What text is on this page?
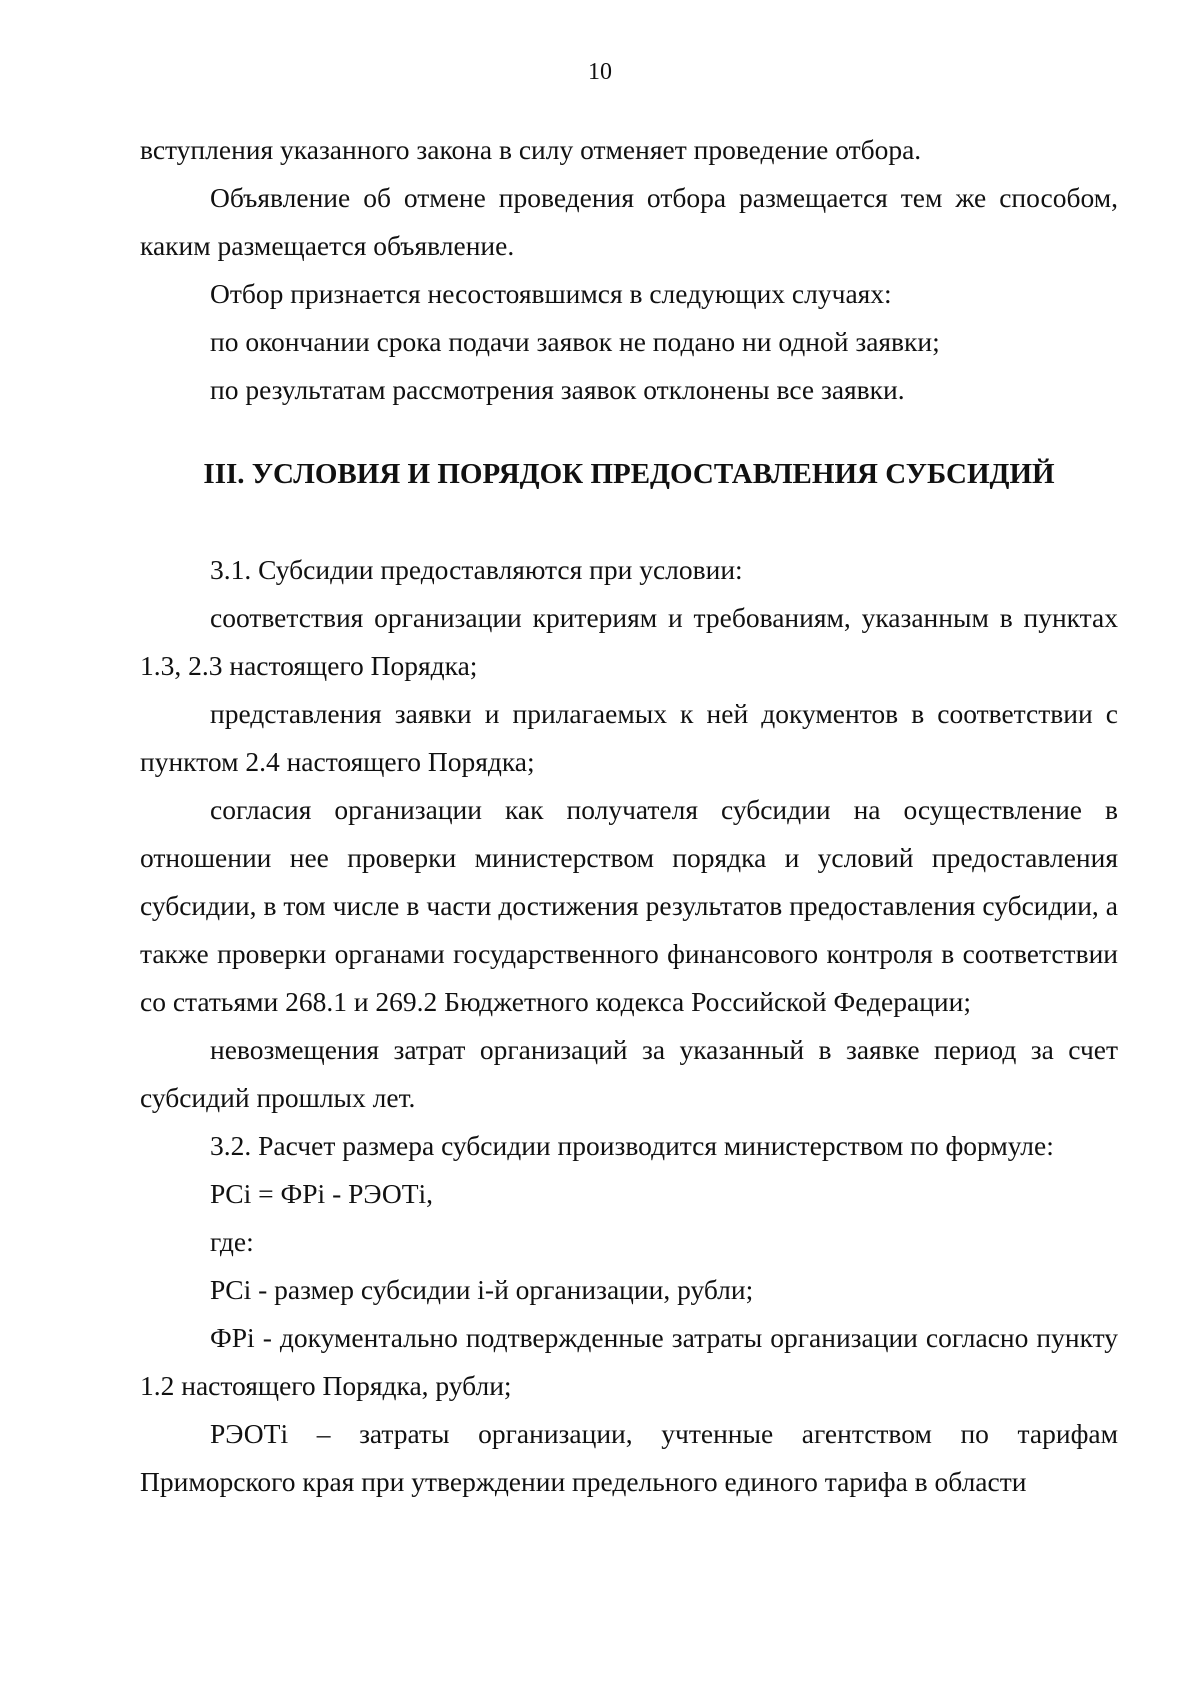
10

вступления указанного закона в силу отменяет проведение отбора.

Объявление об отмене проведения отбора размещается тем же способом, каким размещается объявление.

Отбор признается несостоявшимся в следующих случаях:

по окончании срока подачи заявок не подано ни одной заявки;

по результатам рассмотрения заявок отклонены все заявки.

III. УСЛОВИЯ И ПОРЯДОК ПРЕДОСТАВЛЕНИЯ СУБСИДИЙ

3.1. Субсидии предоставляются при условии:

соответствия организации критериям и требованиям, указанным в пунктах 1.3, 2.3 настоящего Порядка;

представления заявки и прилагаемых к ней документов в соответствии с пунктом 2.4 настоящего Порядка;

согласия организации как получателя субсидии на осуществление в отношении нее проверки министерством порядка и условий предоставления субсидии, в том числе в части достижения результатов предоставления субсидии, а также проверки органами государственного финансового контроля в соответствии со статьями 268.1 и 269.2 Бюджетного кодекса Российской Федерации;

невозмещения затрат организаций за указанный в заявке период за счет субсидий прошлых лет.

3.2. Расчет размера субсидии производится министерством по формуле:

PCi = ФРi - РЭОТi,

где:

PCi - размер субсидии i-й организации, рубли;

ФРi - документально подтвержденные затраты организации согласно пункту 1.2 настоящего Порядка, рубли;

РЭОТi – затраты организации, учтенные агентством по тарифам Приморского края при утверждении предельного единого тарифа в области
